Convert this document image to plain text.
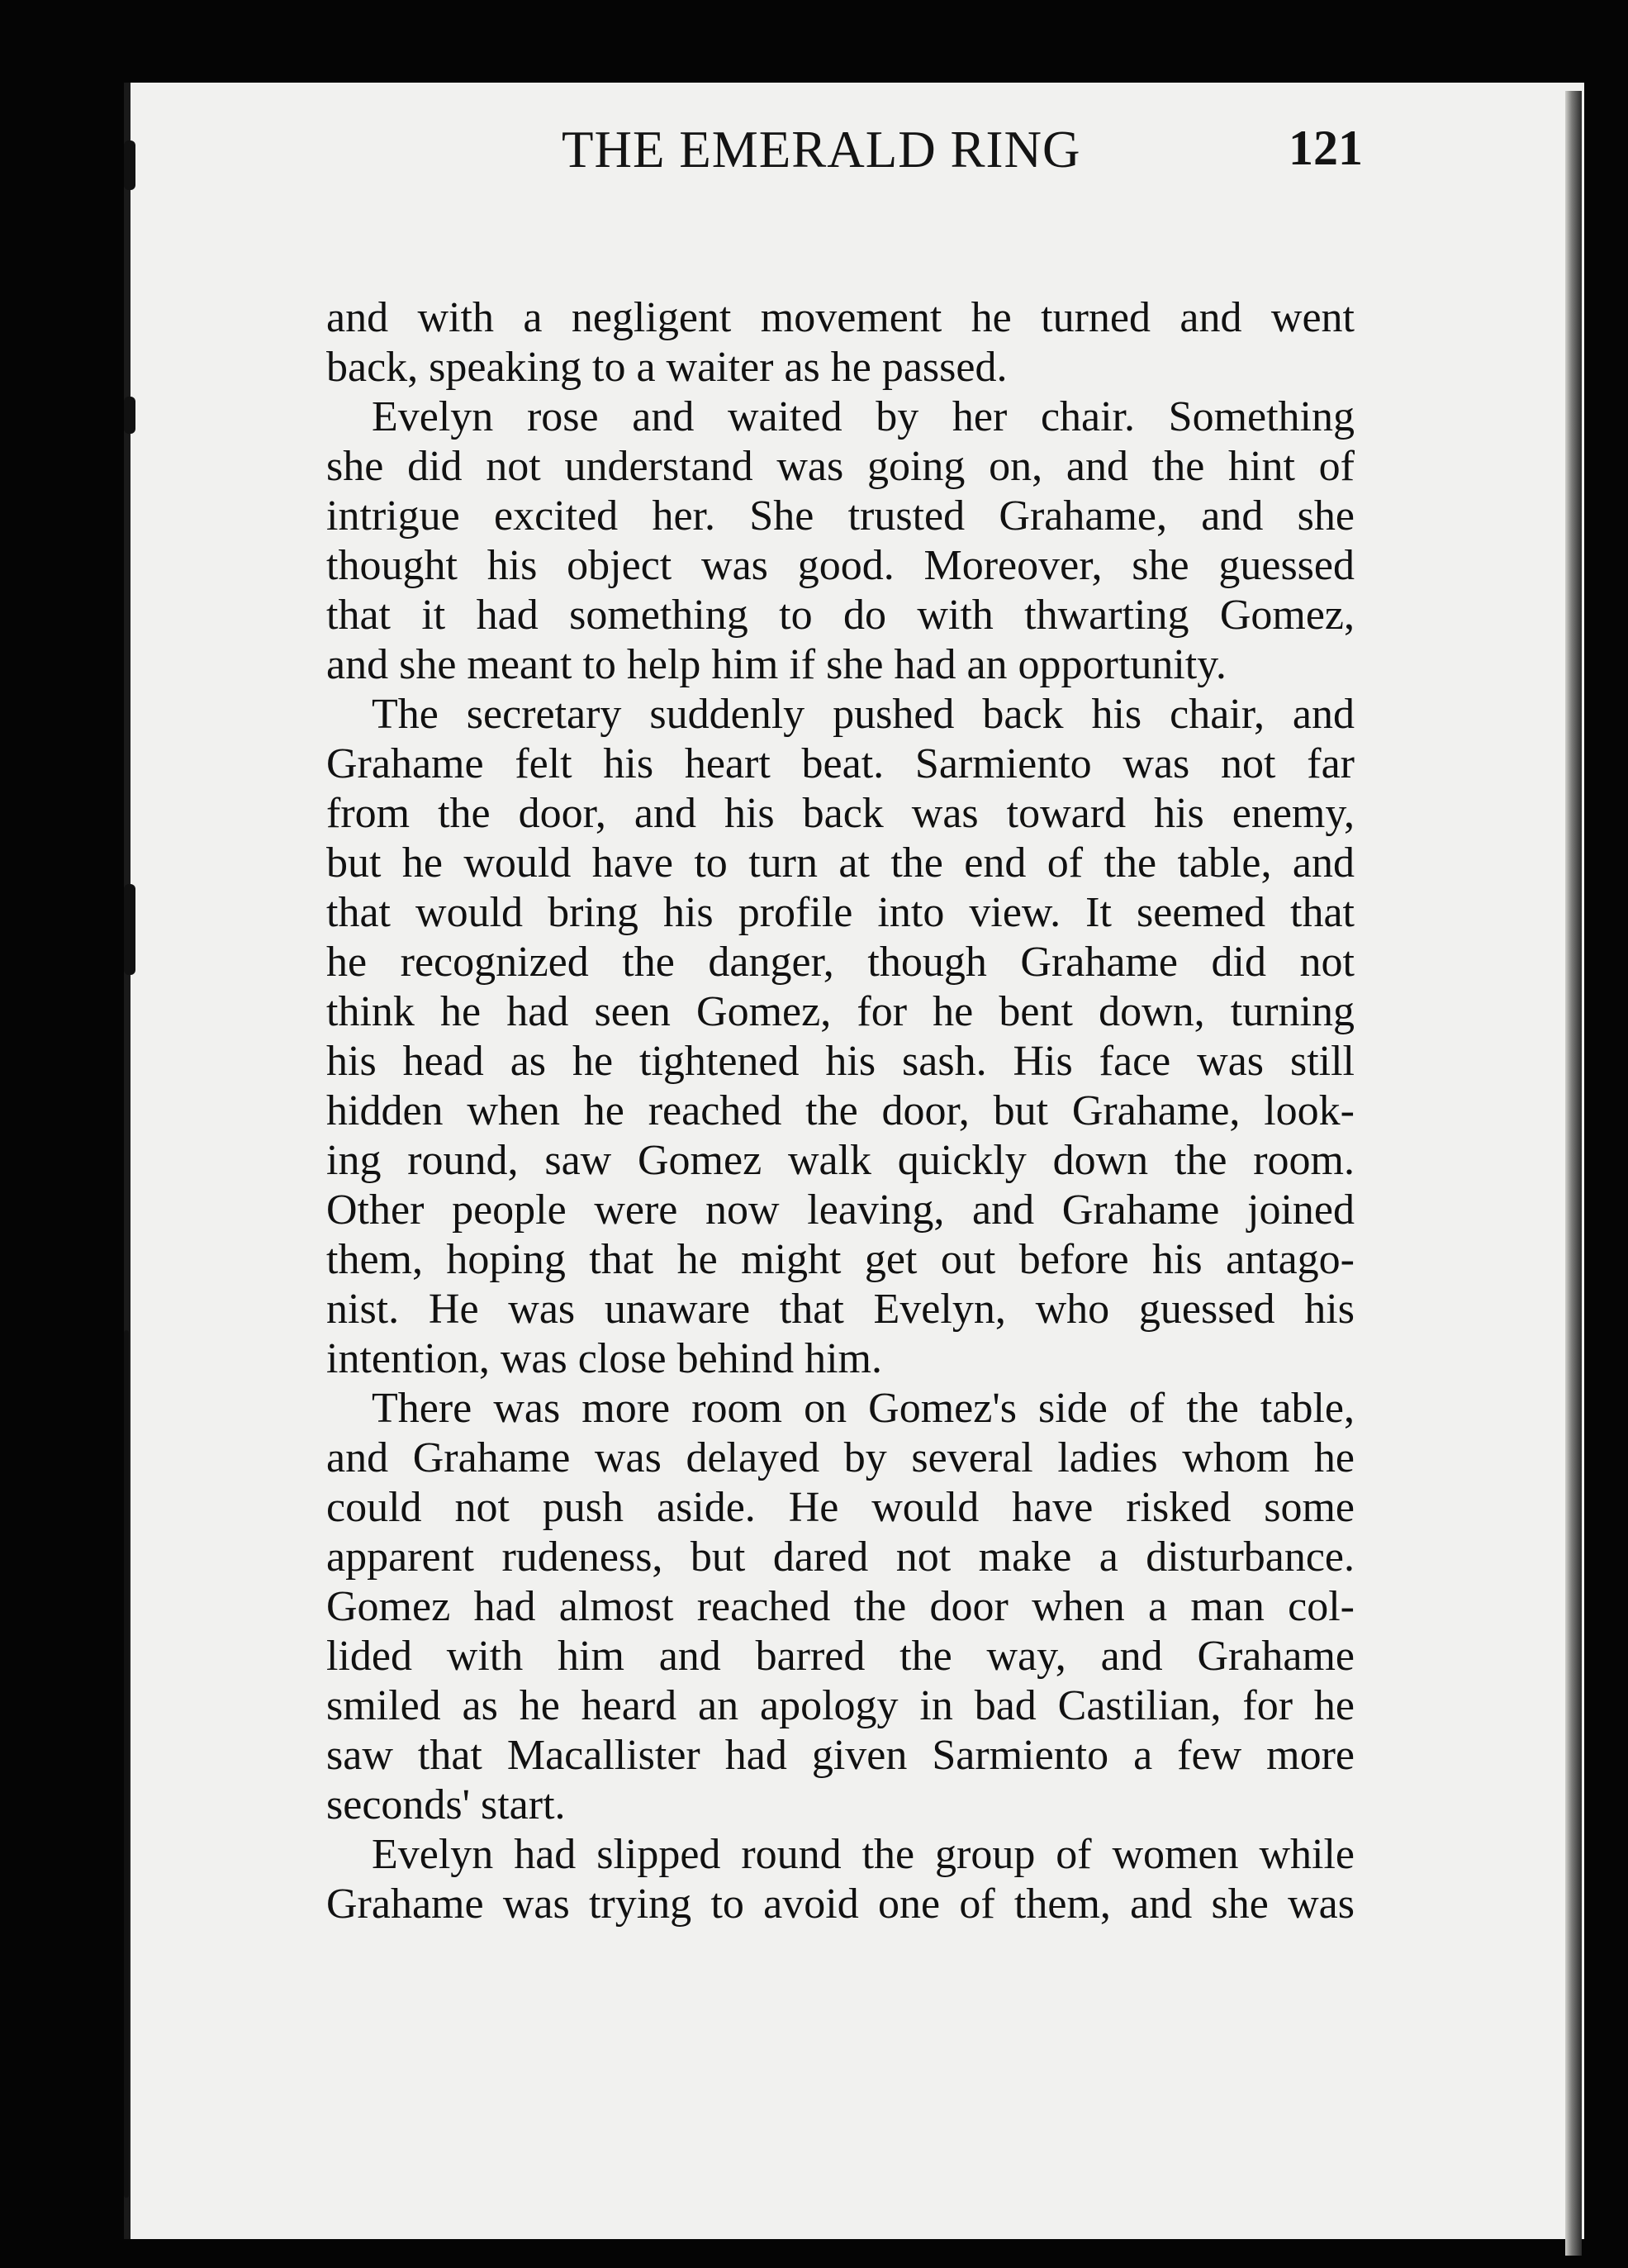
THE EMERALD RING	121
and with a negligent movement he turned and went
back, speaking to a waiter as he passed.
Evelyn rose and waited by her chair. Something
she did not understand was going on, and the hint of
intrigue excited her. She trusted Grahame, and she
thought his object was good. Moreover, she guessed
that it had something to do with thwarting Gomez,
and she meant to help him if she had an opportunity.
The secretary suddenly pushed back his chair, and
Grahame felt his heart beat. Sarmiento was not far
from the door, and his back was toward his enemy,
but he would have to turn at the end of the table, and
that would bring his profile into view. It seemed that
he recognized the danger, though Grahame did not
think he had seen Gomez, for he bent down, turning
his head as he tightened his sash. His face was still
hidden when he reached the door, but Grahame, look-
ing round, saw Gomez walk quickly down the room.
Other people were now leaving, and Grahame joined
them, hoping that he might get out before his antago-
nist. He was unaware that Evelyn, who guessed his
intention, was close behind him.
There was more room on Gomez's side of the table,
and Grahame was delayed by several ladies whom he
could not push aside. He would have risked some
apparent rudeness, but dared not make a disturbance.
Gomez had almost reached the door when a man col-
lided with him and barred the way, and Grahame
smiled as he heard an apology in bad Castilian, for he
saw that Macallister had given Sarmiento a few more
seconds' start.
Evelyn had slipped round the group of women while
Grahame was trying to avoid one of them, and she was
